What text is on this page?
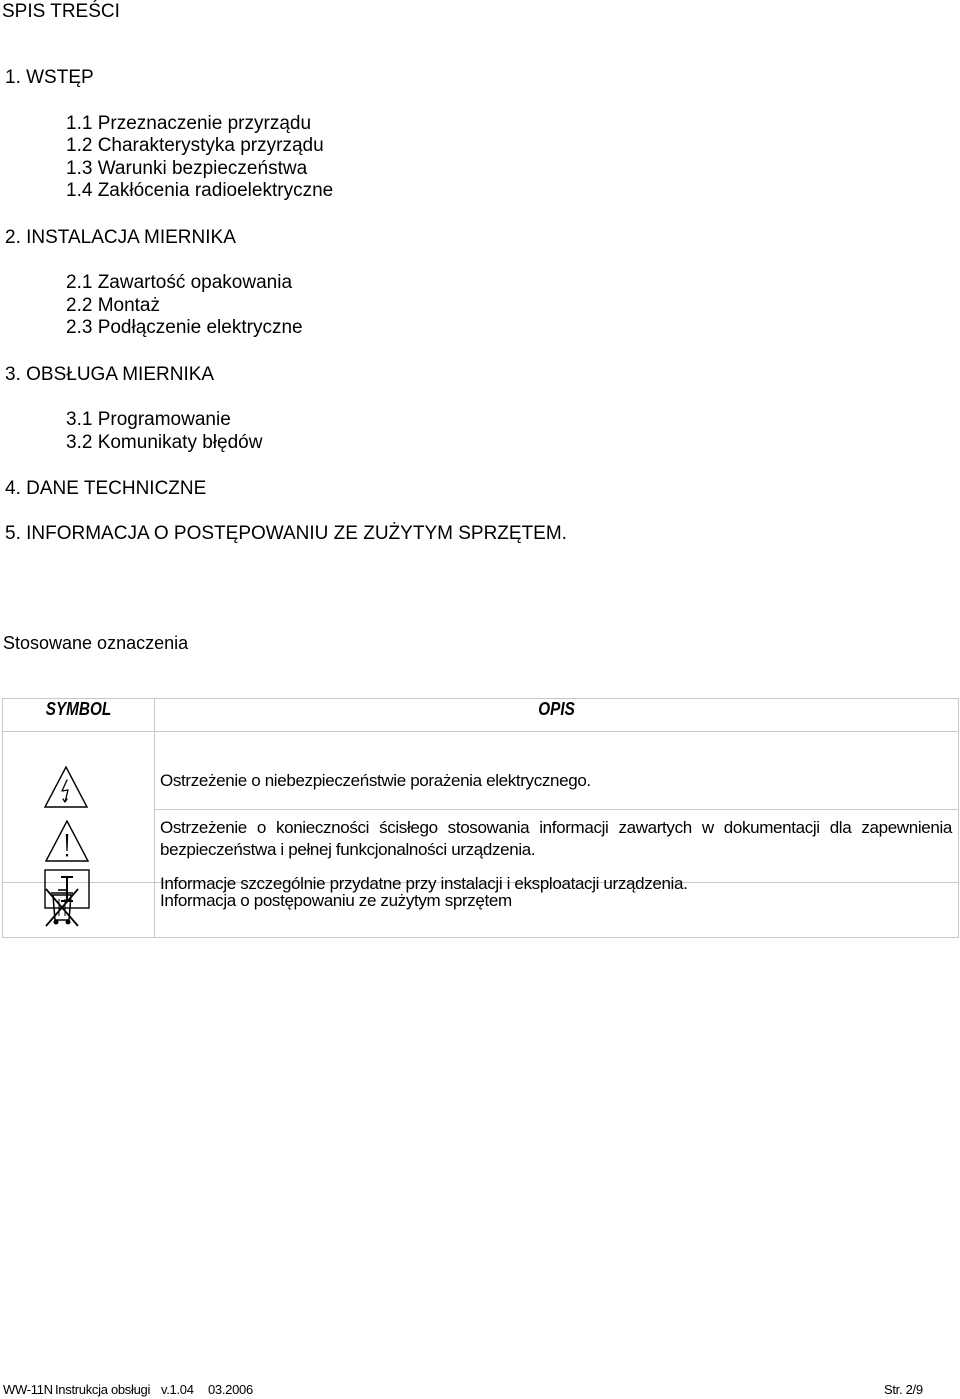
SPIS TREŚCI
1. WSTĘP
1.1 Przeznaczenie przyrządu
1.2 Charakterystyka przyrządu
1.3 Warunki bezpieczeństwa
1.4 Zakłócenia radioelektryczne
2. INSTALACJA MIERNIKA
2.1 Zawartość opakowania
2.2 Montaż
2.3 Podłączenie elektryczne
3. OBSŁUGA MIERNIKA
3.1 Programowanie
3.2 Komunikaty błędów
4. DANE TECHNICZNE
5. INFORMACJA O POSTĘPOWANIU ZE ZUŻYTYM SPRZĘTEM.
Stosowane oznaczenia
SYMBOL	OPIS

Ostrzeżenie o niebezpieczeństwie porażenia elektrycznego.
Ostrzeżenie o konieczności ścisłego stosowania informacji zawartych w dokumentacji dla zapewnienia bezpieczeństwa i pełnej funkcjonalności urządzenia.
Informacje szczególnie przydatne przy instalacji i eksploatacji urządzenia.

Informacja o postępowaniu ze zużytym sprzętem
WW-11N Instrukcja obsługi v.1.04 03.2006	Str. 2/9
